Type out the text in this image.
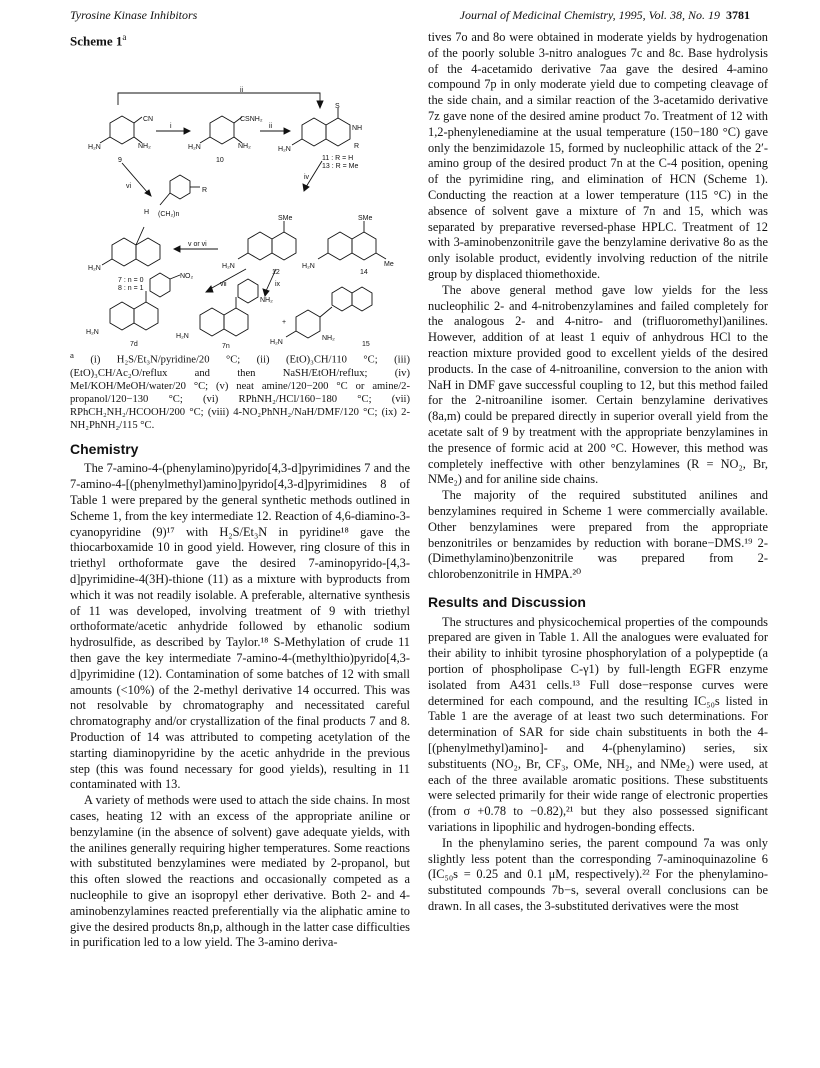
Tyrosine Kinase Inhibitors	Journal of Medicinal Chemistry, 1995, Vol. 38, No. 19 3781
Scheme 1$^a$
CN
H₂N	NH₂
9
i
ii
CSNH₂
H₂N	NH₂
10
ii
S
NH
R
H₂N
11 : R = H
13 : R = Me
iv
vi
R
H (CH₂)n
SMe	SMe
v or vi
H₂N
12
H₂N	Me
14
H₂N
7 : n = 0
8 : n = 1
vii	ix
NO₂
H₂N
7d
NH₂
H₂N
7n
+
H₂N
NH₂
15
$^a$ (i) H₂S/Et₃N/pyridine/20 °C; (ii) (EtO)₃CH/110 °C; (iii) (EtO)₃CH/Ac₂O/reflux and then NaSH/EtOH/reflux; (iv) MeI/KOH/MeOH/water/20 °C; (v) neat amine/120−200 °C or amine/2-propanol/120−130 °C; (vi) RPhNH₂/HCl/160−180 °C; (vii) RPhCH₂NH₂/HCOOH/200 °C; (viii) 4-NO₂PhNH₂/NaH/DMF/120 °C; (ix) 2-NH₂PhNH₂/115 °C.
Chemistry

The 7-amino-4-(phenylamino)pyrido[4,3-d]pyrimidines 7 and the 7-amino-4-[(phenylmethyl)amino]pyrido[4,3-d]pyrimidines 8 of Table 1 were prepared by the general synthetic methods outlined in Scheme 1, from the key intermediate 12. Reaction of 4,6-diamino-3-cyanopyridine (9)¹⁷ with H₂S/Et₃N in pyridine¹⁸ gave the thiocarboxamide 10 in good yield. However, ring closure of this in triethyl orthoformate gave the desired 7-aminopyrido-[4,3-d]pyrimidine-4(3H)-thione (11) as a mixture with byproducts from which it was not readily isolable. A preferable, alternative synthesis of 11 was developed, involving treatment of 9 with triethyl orthoformate/acetic anhydride followed by ethanolic sodium hydrosulfide, as described by Taylor.¹⁸ S-Methylation of crude 11 then gave the key intermediate 7-amino-4-(methylthio)pyrido[4,3-d]pyrimidine (12). Contamination of some batches of 12 with small amounts (<10%) of the 2-methyl derivative 14 occurred. This was not resolvable by chromatography and necessitated careful chromatography and/or crystallization of the final products 7 and 8. Production of 14 was attributed to competing acetylation of the starting diaminopyridine by the acetic anhydride in the previous step (this was found necessary for good yields), resulting in 11 contaminated with 13.

A variety of methods were used to attach the side chains. In most cases, heating 12 with an excess of the appropriate aniline or benzylamine (in the absence of solvent) gave adequate yields, with the anilines generally requiring higher temperatures. Some reactions with substituted benzylamines were mediated by 2-propanol, but this often slowed the reactions and occasionally competed as a nucleophile to give an isopropyl ether derivative. Both 2- and 4-aminobenzylamines reacted preferentially via the aliphatic amine to give the desired products 8n,p, although in the latter case difficulties in purification led to a low yield. The 3-amino deriva-

tives 7o and 8o were obtained in moderate yields by hydrogenation of the poorly soluble 3-nitro analogues 7c and 8c. Base hydrolysis of the 4-acetamido derivative 7aa gave the desired 4-amino compound 7p in only moderate yield due to competing cleavage of the side chain, and a similar reaction of the 3-acetamido derivative 7z gave none of the desired amine product 7o. Treatment of 12 with 1,2-phenylenediamine at the usual temperature (150−180 °C) gave only the benzimidazole 15, formed by nucleophilic attack of the 2′-amino group of the desired product 7n at the C-4 position, opening of the pyrimidine ring, and elimination of HCN (Scheme 1). Conducting the reaction at a lower temperature (115 °C) in the absence of solvent gave a mixture of 7n and 15, which was separated by preparative reversed-phase HPLC. Treatment of 12 with 3-aminobenzonitrile gave the benzylamine derivative 8o as the only isolable product, evidently involving reduction of the nitrile group by displaced thiomethoxide.

The above general method gave low yields for the less nucleophilic 2- and 4-nitrobenzylamines and failed completely for the analogous 2- and 4-nitro- and (trifluoromethyl)anilines. However, addition of at least 1 equiv of anhydrous HCl to the reaction mixture provided good to excellent yields of the desired products. In the case of 4-nitroaniline, conversion to the anion with NaH in DMF gave successful coupling to 12, but this method failed for the 2-nitroaniline isomer. Certain benzylamine derivatives (8a,m) could be prepared directly in superior overall yield from the acetate salt of 9 by treatment with the appropriate benzylamines in the presence of formic acid at 200 °C. However, this method was completely ineffective with other benzylamines (R = NO₂, Br, NMe₂) and for aniline side chains.

The majority of the required substituted anilines and benzylamines required in Scheme 1 were commercially available. Other benzylamines were prepared from the appropriate benzonitriles or benzamides by reduction with borane−DMS.¹⁹ 2-(Dimethylamino)benzonitrile was prepared from 2-chlorobenzonitrile in HMPA.²⁰

Results and Discussion

The structures and physicochemical properties of the compounds prepared are given in Table 1. All the analogues were evaluated for their ability to inhibit tyrosine phosphorylation of a polypeptide (a portion of phospholipase C-γ1) by full-length EGFR enzyme isolated from A431 cells.¹³ Full dose−response curves were determined for each compound, and the resulting IC₅₀s listed in Table 1 are the average of at least two such determinations. For determination of SAR for side chain substituents in both the 4-[(phenylmethyl)amino]- and 4-(phenylamino) series, six substituents (NO₂, Br, CF₃, OMe, NH₂, and NMe₂) were used, at each of the three available aromatic positions. These substituents were selected primarily for their wide range of electronic properties (from σ +0.78 to −0.82),²¹ but they also possessed significant variations in lipophilic and hydrogen-bonding effects.

In the phenylamino series, the parent compound 7a was only slightly less potent than the corresponding 7-aminoquinazoline 6 (IC₅₀s = 0.25 and 0.1 μM, respectively).²² For the phenylamino-substituted compounds 7b−s, several overall conclusions can be drawn. In all cases, the 3-substituted derivatives were the most
